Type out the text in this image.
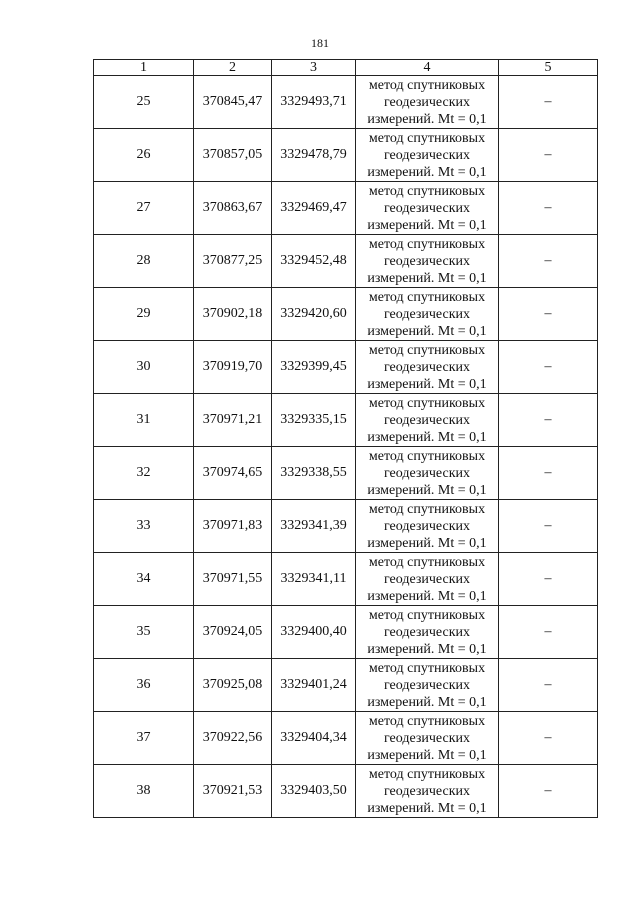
181
1	2	3	4	5
25	370845,47	3329493,71	метод спутниковых
геодезических
измерений. Mt = 0,1	–
26	370857,05	3329478,79	метод спутниковых
геодезических
измерений. Mt = 0,1	–
27	370863,67	3329469,47	метод спутниковых
геодезических
измерений. Mt = 0,1	–
28	370877,25	3329452,48	метод спутниковых
геодезических
измерений. Mt = 0,1	–
29	370902,18	3329420,60	метод спутниковых
геодезических
измерений. Mt = 0,1	–
30	370919,70	3329399,45	метод спутниковых
геодезических
измерений. Mt = 0,1	–
31	370971,21	3329335,15	метод спутниковых
геодезических
измерений. Mt = 0,1	–
32	370974,65	3329338,55	метод спутниковых
геодезических
измерений. Mt = 0,1	–
33	370971,83	3329341,39	метод спутниковых
геодезических
измерений. Mt = 0,1	–
34	370971,55	3329341,11	метод спутниковых
геодезических
измерений. Mt = 0,1	–
35	370924,05	3329400,40	метод спутниковых
геодезических
измерений. Mt = 0,1	–
36	370925,08	3329401,24	метод спутниковых
геодезических
измерений. Mt = 0,1	–
37	370922,56	3329404,34	метод спутниковых
геодезических
измерений. Mt = 0,1	–
38	370921,53	3329403,50	метод спутниковых
геодезических
измерений. Mt = 0,1	–
